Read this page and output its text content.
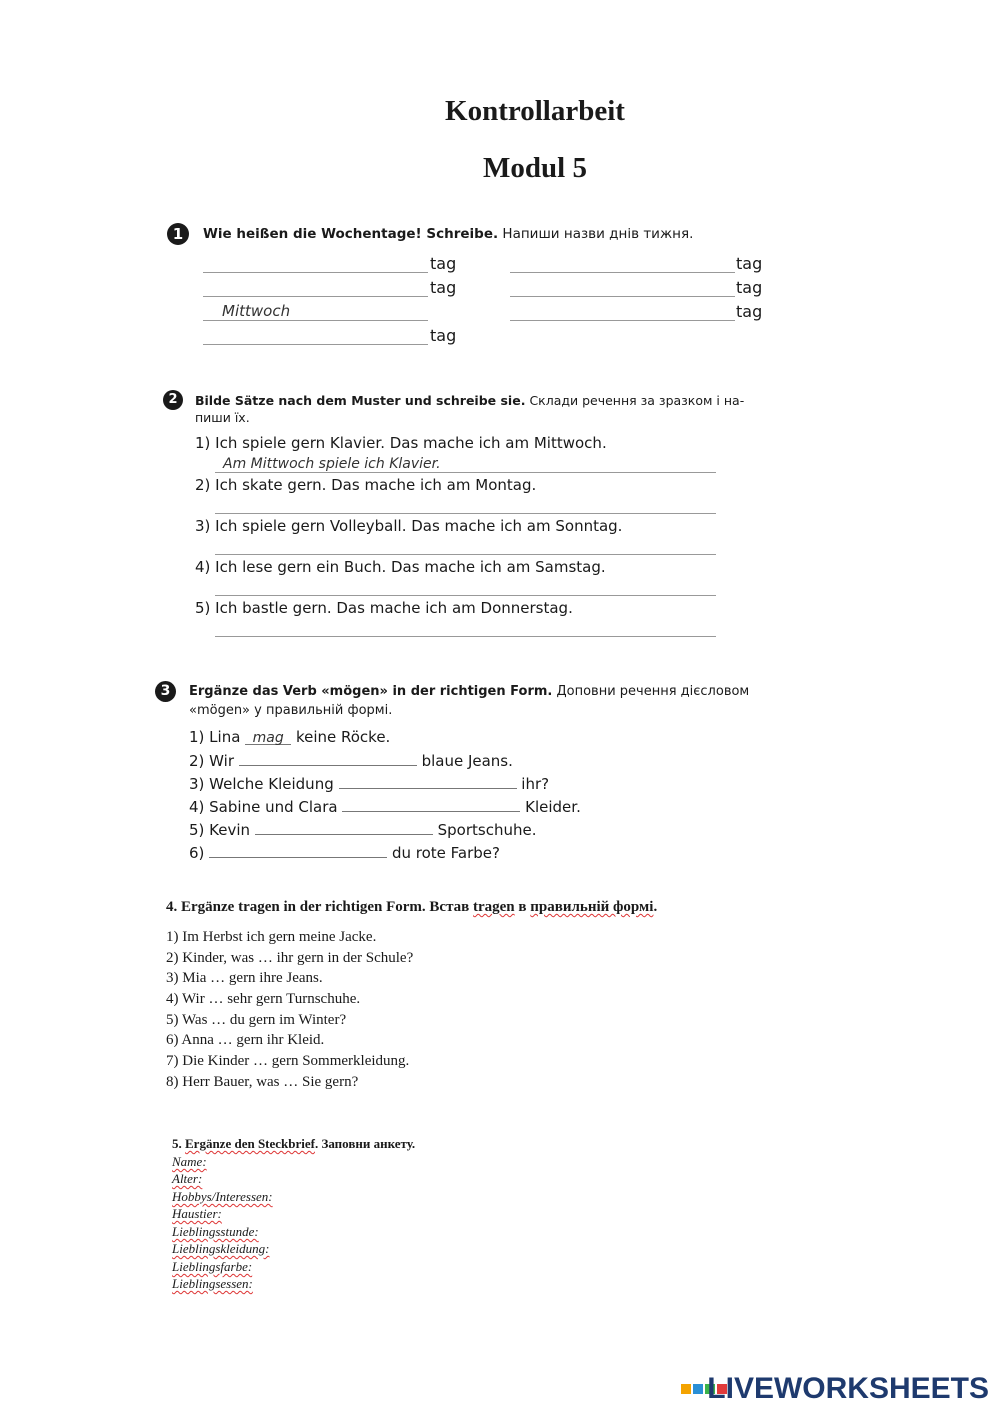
Kontrollarbeit
Modul 5
1	Wie heißen die Wochentage! Schreibe. Напиши назви днів тижня.
tag
tag
Mittwoch
tag
tag
tag
tag
2	Bilde Sätze nach dem Muster und schreibe sie. Склади речення за зразком і на-
пиши їх.
1) Ich spiele gern Klavier. Das mache ich am Mittwoch.
Am Mittwoch spiele ich Klavier.
2) Ich skate gern. Das mache ich am Montag.
3) Ich spiele gern Volleyball. Das mache ich am Sonntag.
4) Ich lese gern ein Buch. Das mache ich am Samstag.
5) Ich bastle gern. Das mache ich am Donnerstag.
3	Ergänze das Verb «mögen» in der richtigen Form. Доповни речення дієсловом
«mögen» у правильній формі.
1) Lina mag keine Röcke.
2) Wir	blaue Jeans.
3) Welche Kleidung	ihr?
4) Sabine und Clara	Kleider.
5) Kevin	Sportschuhe.
6)	du rote Farbe?
4. Ergänze tragen in der richtigen Form. Встав tragen в правильній формі.
1) Im Herbst ich gern meine Jacke.
2) Kinder, was … ihr gern in der Schule?
3) Mia … gern ihre Jeans.
4) Wir … sehr gern Turnschuhe.
5) Was … du gern im Winter?
6) Anna … gern ihr Kleid.
7) Die Kinder … gern Sommerkleidung.
8) Herr Bauer, was … Sie gern?
5. Ergänze den Steckbrief. Заповни анкету.
Name:
Alter:
Hobbys/Interessen:
Haustier:
Lieblingsstunde:
Lieblingskleidung:
Lieblingsfarbe:
Lieblingsessen:
LIVEWORKSHEETS
